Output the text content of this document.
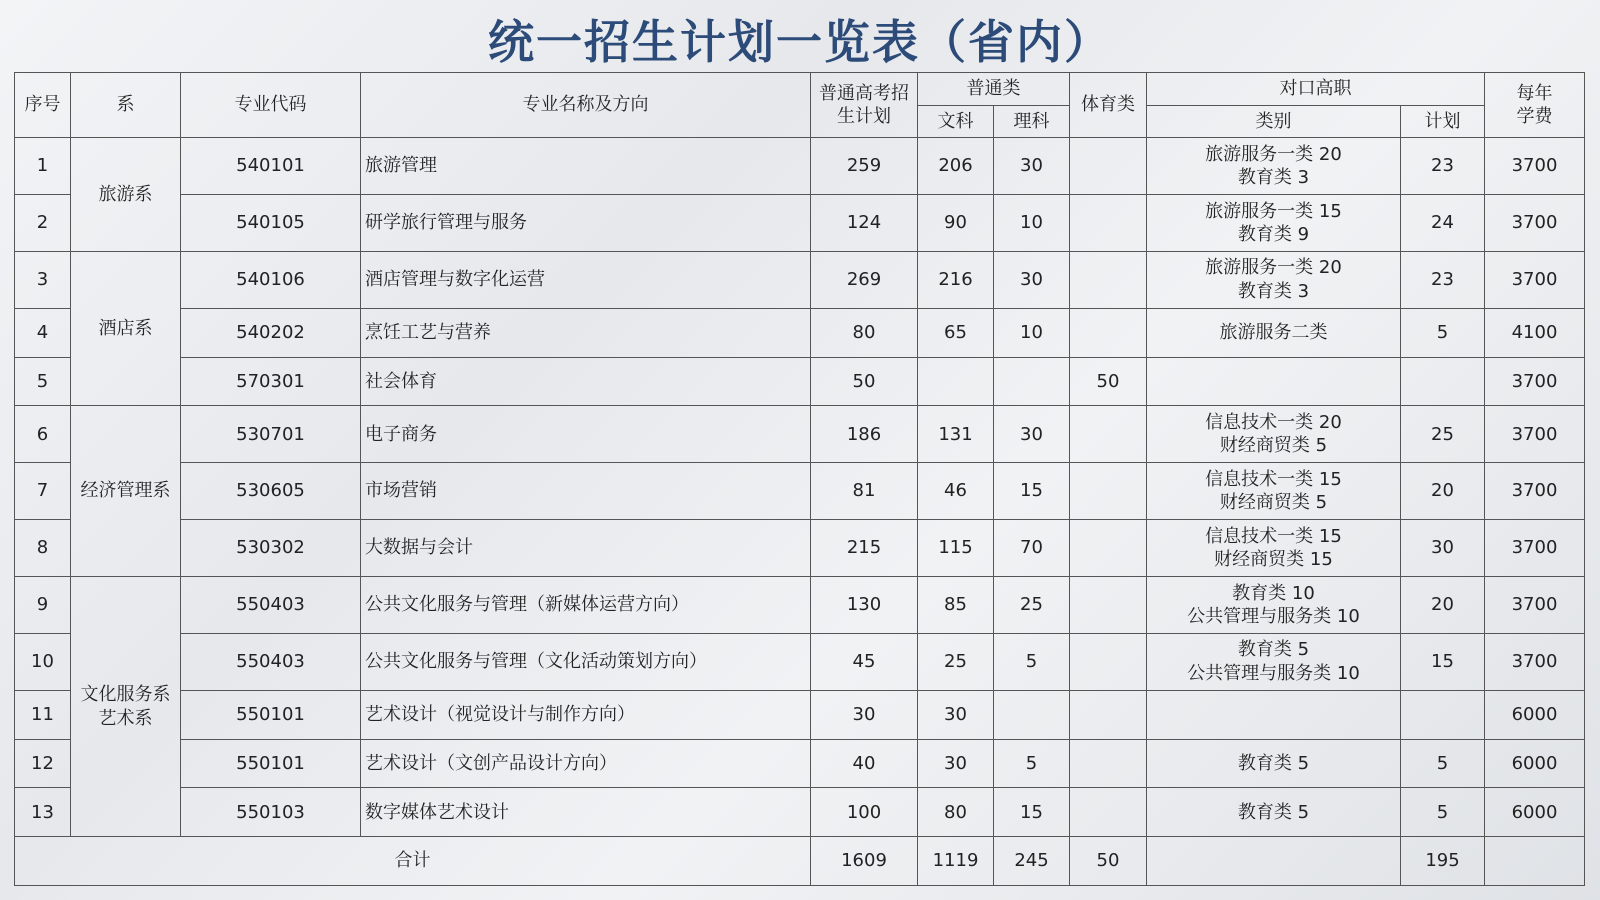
统一招生计划一览表（省内）
序号	系	专业代码	专业名称及方向	普通高考招
生计划	普通类		体育类	对口高职		每年
学费
					文科	理科		类别	计划	
1	旅游系	540101	旅游管理	259	206	30		旅游服务一类 20
教育类 3	23	3700
2		540105	研学旅行管理与服务	124	90	10		旅游服务一类 15
教育类 9	24	3700
3	酒店系	540106	酒店管理与数字化运营	269	216	30		旅游服务一类 20
教育类 3	23	3700
4		540202	烹饪工艺与营养	80	65	10		旅游服务二类	5	4100
5		570301	社会体育	50			50			3700
6	经济管理系	530701	电子商务	186	131	30		信息技术一类 20
财经商贸类 5	25	3700
7		530605	市场营销	81	46	15		信息技术一类 15
财经商贸类 5	20	3700
8		530302	大数据与会计	215	115	70		信息技术一类 15
财经商贸类 15	30	3700
9	文化服务系
艺术系	550403	公共文化服务与管理（新媒体运营方向）	130	85	25		教育类 10
公共管理与服务类 10	20	3700
10		550403	公共文化服务与管理（文化活动策划方向）	45	25	5		教育类 5
公共管理与服务类 10	15	3700
11		550101	艺术设计（视觉设计与制作方向）	30	30					6000
12		550101	艺术设计（文创产品设计方向）	40	30	5		教育类 5	5	6000
13		550103	数字媒体艺术设计	100	80	15		教育类 5	5	6000
合计				1609	1119	245	50		195	
